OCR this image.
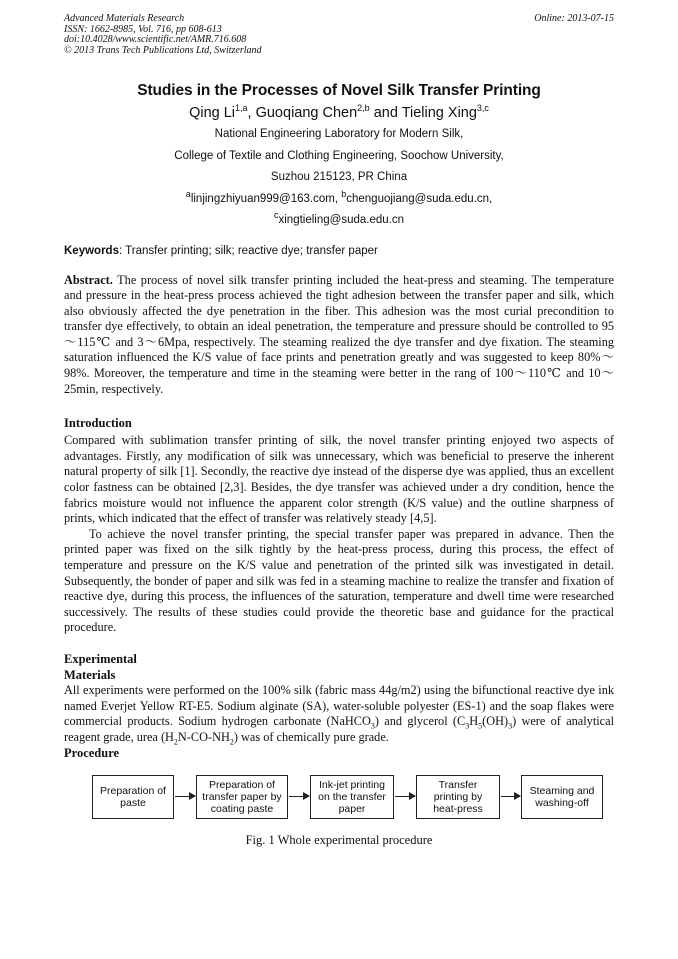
Advanced Materials Research
ISSN: 1662-8985, Vol. 716, pp 608-613
doi:10.4028/www.scientific.net/AMR.716.608
© 2013 Trans Tech Publications Ltd, Switzerland
Online: 2013-07-15
Studies in the Processes of Novel Silk Transfer Printing
Qing Li$^{1,a}$, Guoqiang Chen$^{2,b}$ and Tieling Xing$^{3,c}$
National Engineering Laboratory for Modern Silk,
College of Textile and Clothing Engineering, Soochow University,
Suzhou 215123, PR China
$^a$linjingzhiyuan999@163.com, $^b$chenguojiang@suda.edu.cn,
$^c$xingtieling@suda.edu.cn
Keywords: Transfer printing; silk; reactive dye; transfer paper

Abstract. The process of novel silk transfer printing included the heat-press and steaming. The temperature and pressure in the heat-press process achieved the tight adhesion between the transfer paper and silk, which also obviously affected the dye penetration in the fiber. This adhesion was the most curial precondition to transfer dye effectively, to obtain an ideal penetration, the temperature and pressure should be controlled to 95～115℃ and 3～6Mpa, respectively. The steaming realized the dye transfer and dye fixation. The steaming saturation influenced the K/S value of face prints and penetration greatly and was suggested to keep 80%～98%. Moreover, the temperature and time in the steaming were better in the rang of 100～110℃ and 10～25min, respectively.

Introduction

Compared with sublimation transfer printing of silk, the novel transfer printing enjoyed two aspects of advantages. Firstly, any modification of silk was unnecessary, which was beneficial to preserve the inherent natural property of silk [1]. Secondly, the reactive dye instead of the disperse dye was applied, thus an excellent color fastness can be obtained [2,3]. Besides, the dye transfer was achieved under a dry condition, hence the fabrics moisture would not influence the apparent color strength (K/S value) and the outline sharpness of prints, which indicated that the effect of transfer was relatively steady [4,5].

To achieve the novel transfer printing, the special transfer paper was prepared in advance. Then the printed paper was fixed on the silk tightly by the heat-press process, during this process, the effect of temperature and pressure on the K/S value and penetration of the printed silk was investigated in detail. Subsequently, the bonder of paper and silk was fed in a steaming machine to realize the transfer and fixation of reactive dye, during this process, the influences of the saturation, temperature and dwell time were researched successively. The results of these studies could provide the theoretic base and guidance for the practical procedure.

Experimental
Materials

All experiments were performed on the 100% silk (fabric mass 44g/m2) using the bifunctional reactive dye ink named Everjet Yellow RT-E5. Sodium alginate (SA), water-soluble polyester (ES-1) and the soap flakes were commercial products. Sodium hydrogen carbonate (NaHCO$_3$) and glycerol $(C_3H_5(OH)_3)$ were of analytical reagent grade, urea $(H_2N-CO-NH_2)$ was of chemically pure grade.

Procedure
Preparation of paste
Preparation of transfer paper by coating paste
Ink-jet printing on the transfer paper
Transfer printing by heat-press
Steaming and washing-off
Fig. 1 Whole experimental procedure
